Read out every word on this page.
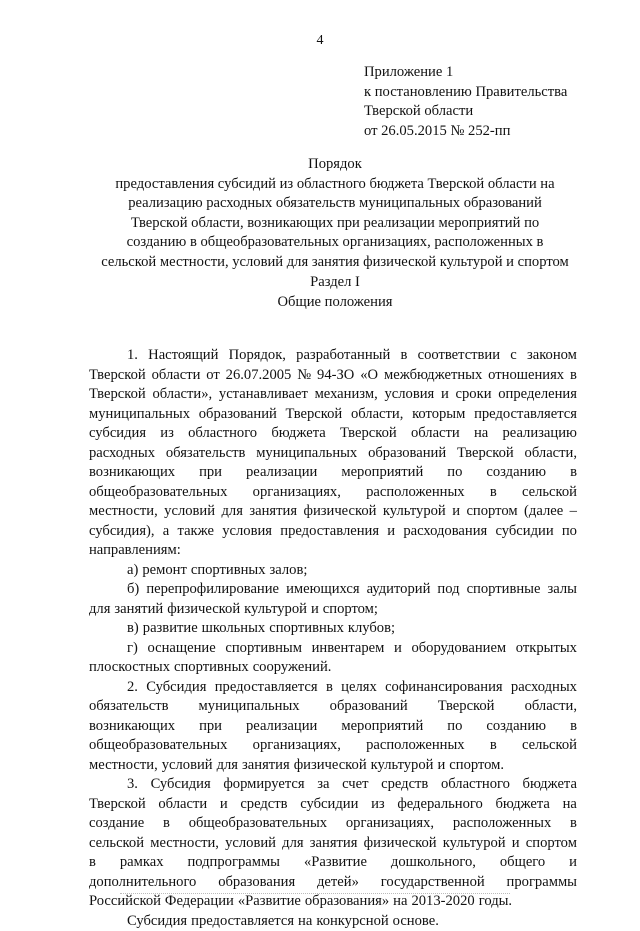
4
Приложение 1
к постановлению Правительства
Тверской области
от 26.05.2015 № 252-пп
Порядок
предоставления субсидий из областного бюджета Тверской области на
реализацию расходных обязательств муниципальных образований
Тверской области, возникающих при реализации мероприятий по
созданию в общеобразовательных организациях, расположенных в
сельской местности, условий для занятия физической культурой и спортом
Раздел I
Общие положения
1. Настоящий Порядок, разработанный в соответствии с законом
Тверской области от 26.07.2005 № 94-ЗО «О межбюджетных отношениях в
Тверской области», устанавливает механизм, условия и сроки определения
муниципальных образований Тверской области, которым предоставляется
субсидия из областного бюджета Тверской области на реализацию
расходных обязательств муниципальных образований Тверской области,
возникающих при реализации мероприятий по созданию в
общеобразовательных организациях, расположенных в сельской
местности, условий для занятия физической культурой и спортом (далее –
субсидия), а также условия предоставления и расходования субсидии по
направлениям:
а) ремонт спортивных залов;
б) перепрофилирование имеющихся аудиторий под спортивные залы
для занятий физической культурой и спортом;
в) развитие школьных спортивных клубов;
г) оснащение спортивным инвентарем и оборудованием открытых
плоскостных спортивных сооружений.
2. Субсидия предоставляется в целях софинансирования расходных
обязательств муниципальных образований Тверской области,
возникающих при реализации мероприятий по созданию в
общеобразовательных организациях, расположенных в сельской
местности, условий для занятия физической культурой и спортом.
3. Субсидия формируется за счет средств областного бюджета
Тверской области и средств субсидии из федерального бюджета на
создание в общеобразовательных организациях, расположенных в
сельской местности, условий для занятия физической культурой и спортом
в рамках подпрограммы «Развитие дошкольного, общего и
дополнительного образования детей» государственной программы
Российской Федерации «Развитие образования» на 2013-2020 годы.
Субсидия предоставляется на конкурсной основе.
